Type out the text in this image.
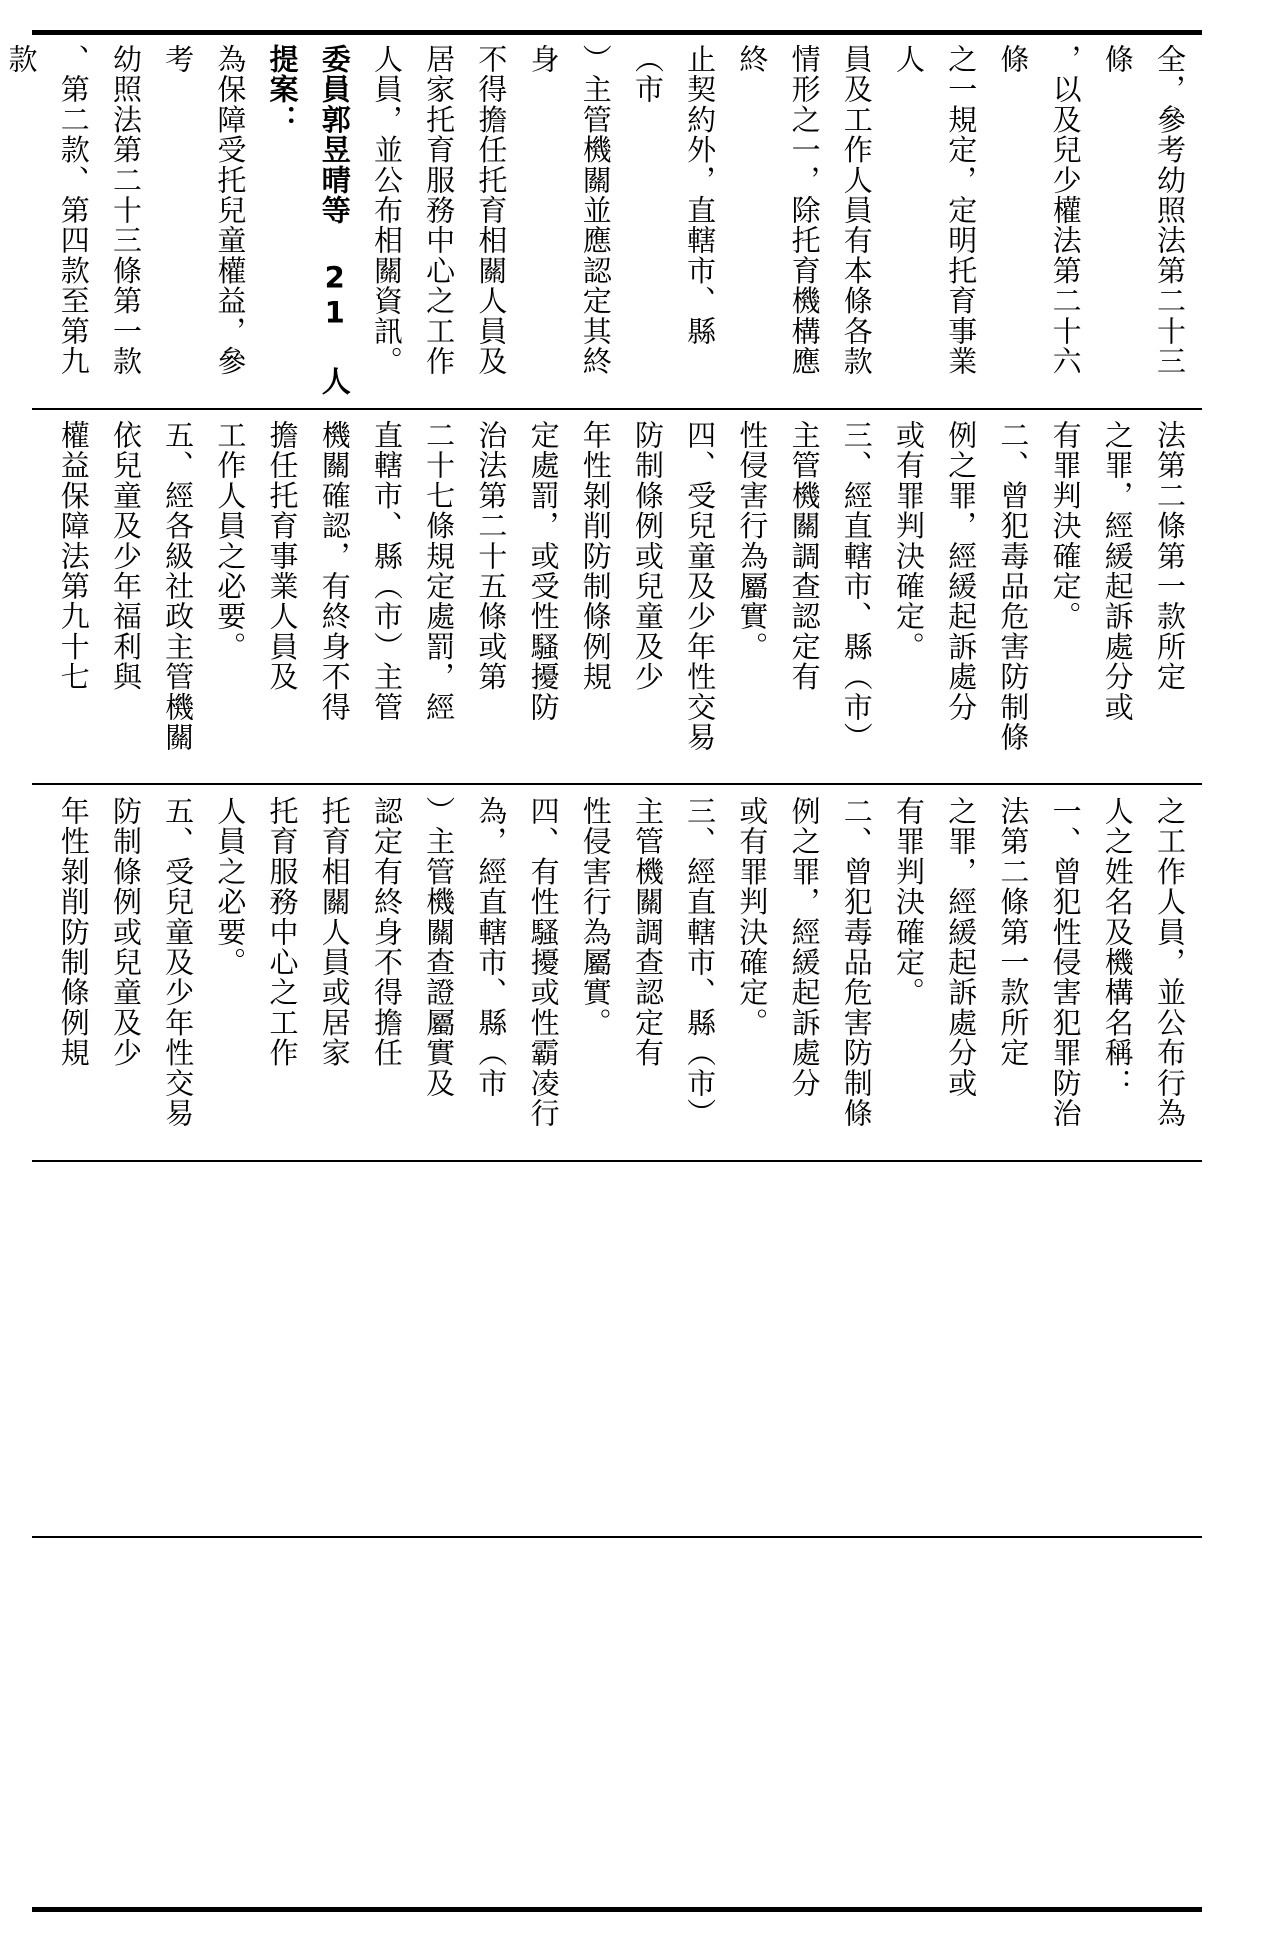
全，參考幼照法第二十三條

，以及兒少權法第二十六條

之一規定，定明托育事業人

員及工作人員有本條各款

情形之一，除托育機構應終

止契約外，直轄市、縣（市

）主管機關並應認定其終身

不得擔任托育相關人員及

居家托育服務中心之工作

人員，並公布相關資訊。

委員郭昱晴等 21 人提案：

為保障受托兒童權益，參考

幼照法第二十三條第一款

、第二款、第四款至第九款

法第二條第一款所定

之罪，經緩起訴處分或

有罪判決確定。

二、曾犯毒品危害防制條

例之罪，經緩起訴處分

或有罪判決確定。

三、經直轄市、縣（市）

主管機關調查認定有

性侵害行為屬實。

四、受兒童及少年性交易

防制條例或兒童及少

年性剝削防制條例規

定處罰，或受性騷擾防

治法第二十五條或第

二十七條規定處罰，經

直轄市、縣（市）主管

機關確認，有終身不得

擔任托育事業人員及

工作人員之必要。

五、經各級社政主管機關

依兒童及少年福利與

權益保障法第九十七

之工作人員，並公布行為

人之姓名及機構名稱：

一、曾犯性侵害犯罪防治

法第二條第一款所定

之罪，經緩起訴處分或

有罪判決確定。

二、曾犯毒品危害防制條

例之罪，經緩起訴處分

或有罪判決確定。

三、經直轄市、縣（市）

主管機關調查認定有

性侵害行為屬實。

四、有性騷擾或性霸凌行

為，經直轄市、縣（市

）主管機關查證屬實及

認定有終身不得擔任

托育相關人員或居家

托育服務中心之工作

人員之必要。

五、受兒童及少年性交易

防制條例或兒童及少

年性剝削防制條例規
